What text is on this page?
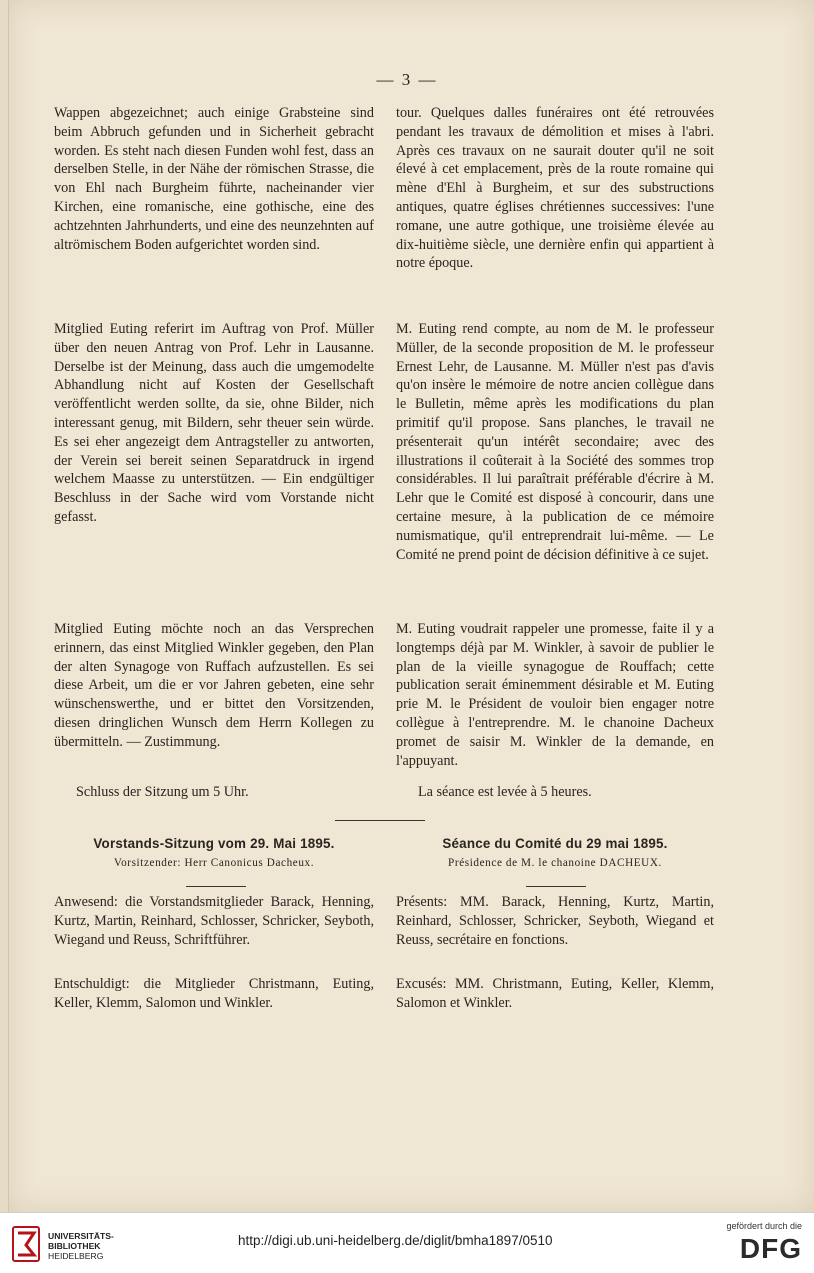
— 3 —

Wappen abgezeichnet; auch einige Grabsteine sind beim Abbruch gefunden und in Sicherheit gebracht worden. Es steht nach diesen Funden wohl fest, dass an derselben Stelle, in der Nähe der römischen Strasse, die von Ehl nach Burgheim führte, nacheinander vier Kirchen, eine romanische, eine gothische, eine des achtzehnten Jahrhunderts, und eine des neunzehnten auf altrömischem Boden aufgerichtet worden sind.

Mitglied Euting referirt im Auftrag von Prof. Müller über den neuen Antrag von Prof. Lehr in Lausanne. Derselbe ist der Meinung, dass auch die umgemodelte Abhandlung nicht auf Kosten der Gesellschaft veröffentlicht werden sollte, da sie, ohne Bilder, nich interessant genug, mit Bildern, sehr theuer sein würde. Es sei eher angezeigt dem Antragsteller zu antworten, der Verein sei bereit seinen Separatdruck in irgend welchem Maasse zu unterstützen. — Ein endgültiger Beschluss in der Sache wird vom Vorstande nicht gefasst.

Mitglied Euting möchte noch an das Versprechen erinnern, das einst Mitglied Winkler gegeben, den Plan der alten Synagoge von Ruffach aufzustellen. Es sei diese Arbeit, um die er vor Jahren gebeten, eine sehr wünschenswerthe, und er bittet den Vorsitzenden, diesen dringlichen Wunsch dem Herrn Kollegen zu übermitteln. — Zustimmung.

Schluss der Sitzung um 5 Uhr.

tour. Quelques dalles funéraires ont été retrouvées pendant les travaux de démolition et mises à l'abri. Après ces travaux on ne saurait douter qu'il ne soit élevé à cet emplacement, près de la route romaine qui mène d'Ehl à Burgheim, et sur des substructions antiques, quatre églises chrétiennes successives: l'une romane, une autre gothique, une troisième élevée au dix-huitième siècle, une dernière enfin qui appartient à notre époque.

M. Euting rend compte, au nom de M. le professeur Müller, de la seconde proposition de M. le professeur Ernest Lehr, de Lausanne. M. Müller n'est pas d'avis qu'on insère le mémoire de notre ancien collègue dans le Bulletin, même après les modifications du plan primitif qu'il propose. Sans planches, le travail ne présenterait qu'un intérêt secondaire; avec des illustrations il coûterait à la Société des sommes trop considérables. Il lui paraîtrait préférable d'écrire à M. Lehr que le Comité est disposé à concourir, dans une certaine mesure, à la publication de ce mémoire numismatique, qu'il entreprendrait lui-même. — Le Comité ne prend point de décision définitive à ce sujet.

M. Euting voudrait rappeler une promesse, faite il y a longtemps déjà par M. Winkler, à savoir de publier le plan de la vieille synagogue de Rouffach; cette publication serait éminemment désirable et M. Euting prie M. le Président de vouloir bien engager notre collègue à l'entreprendre. M. le chanoine Dacheux promet de saisir M. Winkler de la demande, en l'appuyant.

La séance est levée à 5 heures.

Vorstands-Sitzung vom 29. Mai 1895.

Vorsitzender: Herr Canonicus Dacheux.

Séance du Comité du 29 mai 1895.

Présidence de M. le chanoine DACHEUX.

Anwesend: die Vorstandsmitglieder Barack, Henning, Kurtz, Martin, Reinhard, Schlosser, Schricker, Seyboth, Wiegand und Reuss, Schriftführer.

Entschuldigt: die Mitglieder Christmann, Euting, Keller, Klemm, Salomon und Winkler.

Présents: MM. Barack, Henning, Kurtz, Martin, Reinhard, Schlosser, Schricker, Seyboth, Wiegand et Reuss, secrétaire en fonctions.

Excusés: MM. Christmann, Euting, Keller, Klemm, Salomon et Winkler.

UNIVERSITÄTS-
BIBLIOTHEK
HEIDELBERG
http://digi.ub.uni-heidelberg.de/diglit/bmha1897/0510
gefördert durch die
DFG
